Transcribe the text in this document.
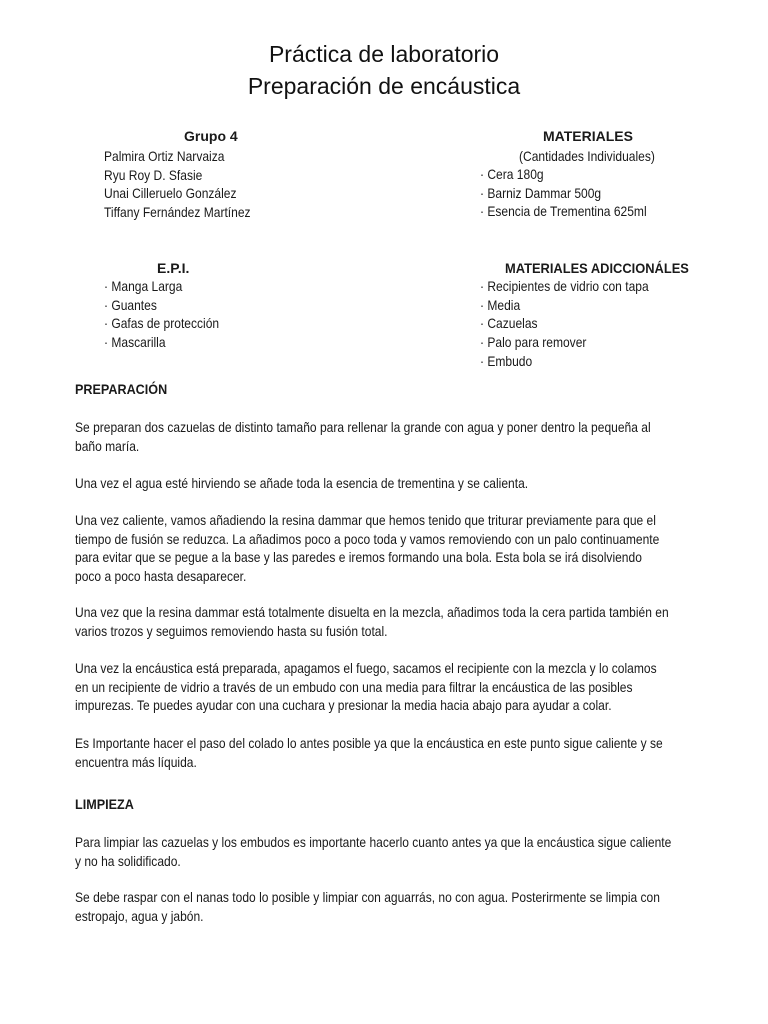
Práctica de laboratorio
Preparación de encáustica
Grupo 4
Palmira Ortiz Narvaiza
Ryu Roy D. Sfasie
Unai Cilleruelo González
Tiffany Fernández Martínez
MATERIALES
(Cantidades Individuales)
· Cera 180g
· Barniz Dammar 500g
· Esencia de Trementina 625ml
E.P.I.
· Manga Larga
· Guantes
· Gafas de protección
· Mascarilla
MATERIALES ADICCIONÁLES
· Recipientes de vidrio con tapa
· Media
· Cazuelas
· Palo para remover
· Embudo
PREPARACIÓN

Se preparan dos cazuelas de distinto tamaño para rellenar la grande con agua y poner dentro la pequeña al
baño maría.

Una vez el agua esté hirviendo se añade toda la esencia de trementina y se calienta.

Una vez caliente, vamos añadiendo la resina dammar que hemos tenido que triturar previamente para que el
tiempo de fusión se reduzca. La añadimos poco a poco toda y vamos removiendo con un palo continuamente
para evitar que se pegue a la base y las paredes e iremos formando una bola. Esta bola se irá disolviendo
poco a poco hasta desaparecer.

Una vez que la resina dammar está totalmente disuelta en la mezcla, añadimos toda la cera partida también en
varios trozos y seguimos removiendo hasta su fusión total.

Una vez la encáustica está preparada, apagamos el fuego, sacamos el recipiente con la mezcla y lo colamos
en un recipiente de vidrio a través de un embudo con una media para filtrar la encáustica de las posibles
impurezas. Te puedes ayudar con una cuchara y presionar la media hacia abajo para ayudar a colar.

Es Importante hacer el paso del colado lo antes posible ya que la encáustica en este punto sigue caliente y se
encuentra más líquida.

LIMPIEZA

Para limpiar las cazuelas y los embudos es importante hacerlo cuanto antes ya que la encáustica sigue caliente
y no ha solidificado.

Se debe raspar con el nanas todo lo posible y limpiar con aguarrás, no con agua. Posterirmente se limpia con
estropajo, agua y jabón.
